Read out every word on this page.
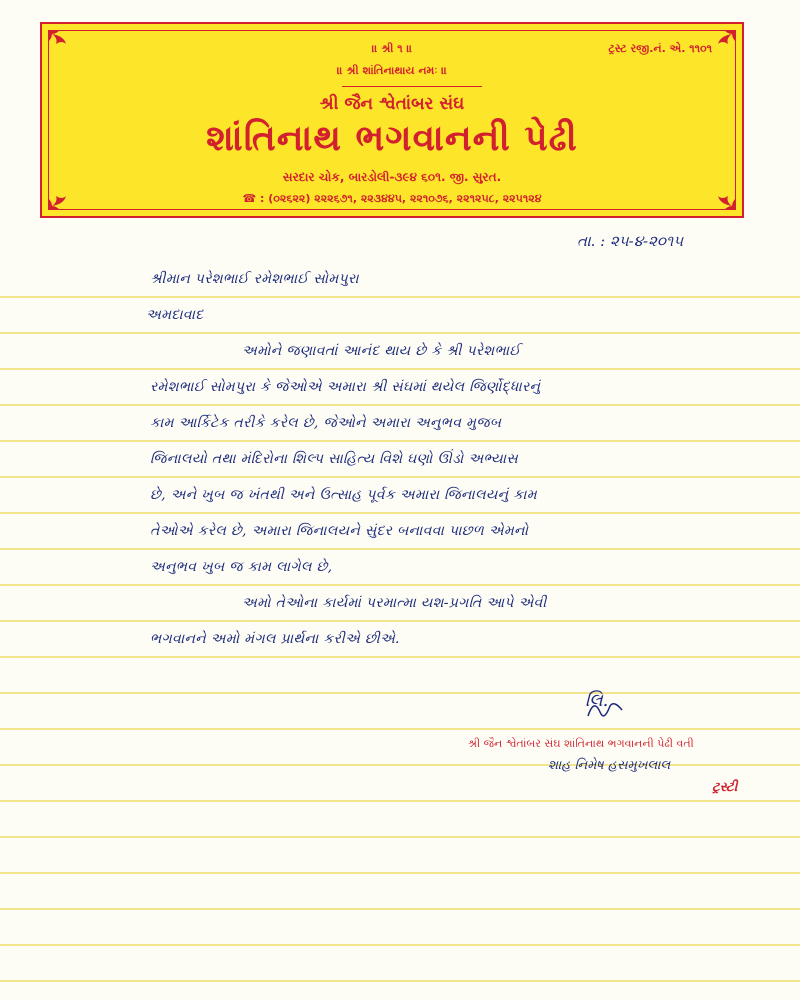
॥ શ્રી ૧ ॥	ટ્રસ્ટ રજી.નં. એ. ૧૧૦૧
॥ શ્રી શાંતિનાથાય નમઃ ॥
શ્રી જૈન શ્વેતાંબર સંઘ
શાંતિનાથ ભગવાનની પેઢી
સરદાર ચોક, બારડોલી-૩૯૪ ૬૦૧. જી. સુરત.
☎ : (૦૨૬૨૨) ૨૨૨૬૭૧, ૨૨૩૪૪૫, ૨૨૧૦૭૬, ૨૨૧૨૫૮, ૨૨૫૧૨૪
તા. : ૨૫-૪-૨૦૧૫
શ્રીમાન પરેશભાઈ રમેશભાઈ સોમપુરા
અમદાવાદ
અમોને જણાવતાં આનંદ થાય છે કે શ્રી પરેશભાઈ
રમેશભાઈ સોમપુરા કે જેઓએ અમારા શ્રી સંઘમાં થયેલ જિર્ણોદ્ધારનું
કામ આર્કિટેક તરીકે કરેલ છે, જેઓને અમારા અનુભવ મુજબ
જિનાલયો તથા મંદિરોના શિલ્પ સાહિત્ય વિશે ઘણો ઊંડો અભ્યાસ
છે, અને ખુબ જ ખંતથી અને ઉત્સાહ પૂર્વક અમારા જિનાલયનું કામ
તેઓએ કરેલ છે, અમારા જિનાલયને સુંદર બનાવવા પાછળ એમનો
અનુભવ ખુબ જ કામ લાગેલ છે,
અમો તેઓના કાર્યમાં પરમાત્મા યશ-પ્રગતિ આપે એવી
ભગવાનને અમો મંગલ પ્રાર્થના કરીએ છીએ.
લિ.
શ્રી જૈન શ્વેતાંબર સંઘ શાંતિનાથ ભગવાનની પેઢી વતી
શાહ નિમેષ હસમુખલાલ
ટ્રસ્ટી
